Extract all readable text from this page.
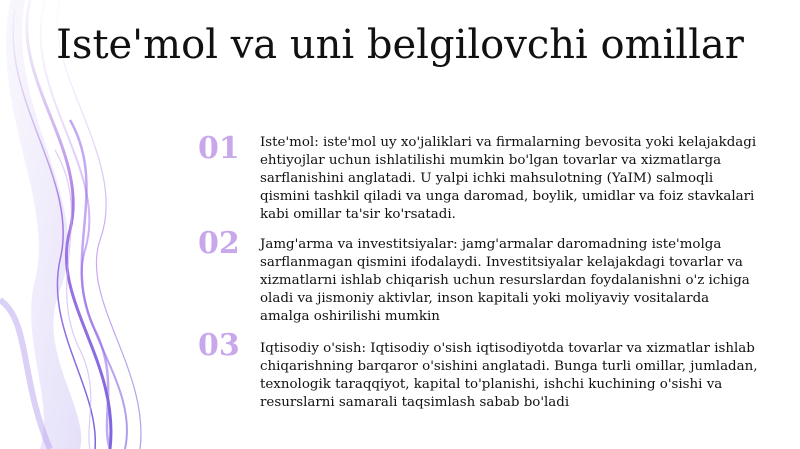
Iste'mol va uni belgilovchi omillar
01	Iste'mol: iste'mol uy xo'jaliklari va firmalarning bevosita yoki kelajakdagi ehtiyojlar uchun ishlatilishi mumkin bo'lgan tovarlar va xizmatlarga sarflanishini anglatadi. U yalpi ichki mahsulotning (YaIM) salmoqli qismini tashkil qiladi va unga daromad, boylik, umidlar va foiz stavkalari kabi omillar ta'sir ko'rsatadi.
02	Jamg'arma va investitsiyalar: jamg'armalar daromadning iste'molga sarflanmagan qismini ifodalaydi. Investitsiyalar kelajakdagi tovarlar va xizmatlarni ishlab chiqarish uchun resurslardan foydalanishni o'z ichiga oladi va jismoniy aktivlar, inson kapitali yoki moliyaviy vositalarda amalga oshirilishi mumkin
03	Iqtisodiy o'sish: Iqtisodiy o'sish iqtisodiyotda tovarlar va xizmatlar ishlab chiqarishning barqaror o'sishini anglatadi. Bunga turli omillar, jumladan, texnologik taraqqiyot, kapital to'planishi, ishchi kuchining o'sishi va resurslarni samarali taqsimlash sabab bo'ladi
